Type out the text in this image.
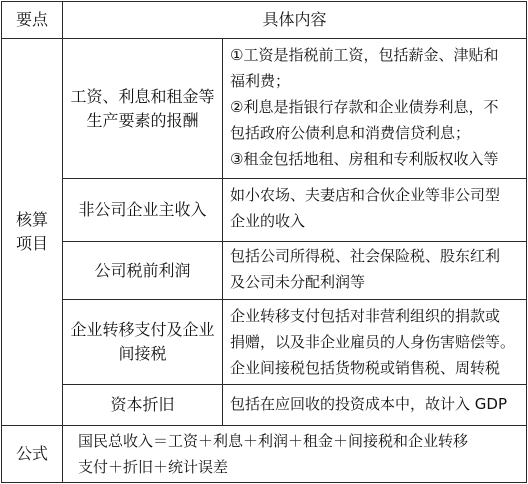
要点	具体内容
核算
项目
工资、利息和租金等
生产要素的报酬
①工资是指税前工资，包括薪金、津贴和
福利费；
②利息是指银行存款和企业债券利息，不
包括政府公债利息和消费信贷利息；
③租金包括地租、房租和专利版权收入等
非公司企业主收入
如小农场、夫妻店和合伙企业等非公司型
企业的收入
公司税前利润
包括公司所得税、社会保险税、股东红利
及公司未分配利润等
企业转移支付及企业
间接税
企业转移支付包括对非营利组织的捐款或
捐赠，以及非企业雇员的人身伤害赔偿等。
企业间接税包括货物税或销售税、周转税
资本折旧	包括在应回收的投资成本中，故计入 GDP
公式
国民总收入＝工资＋利息＋利润＋租金＋间接税和企业转移
支付＋折旧＋统计误差
